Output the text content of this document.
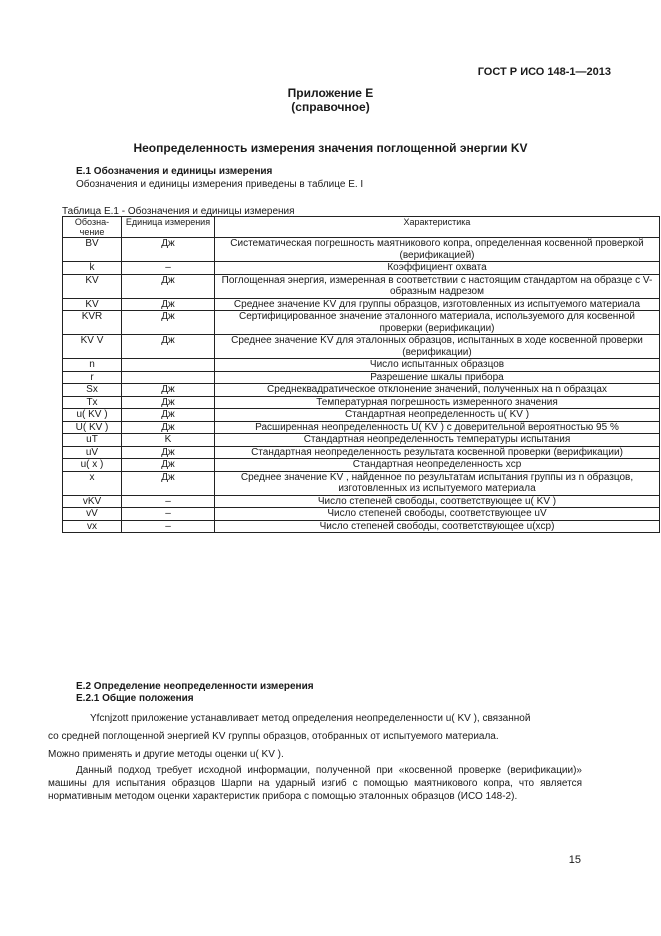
ГОСТ Р ИСО 148-1—2013
Приложение Е
(справочное)
Неопределенность измерения значения поглощенной энергии KV
Е.1 Обозначения и единицы измерения
Обозначения и единицы измерения приведены в таблице Е. I
Таблица Е.1 - Обозначения и единицы измерения
Обозна-чение	Единица измерения	Характеристика
BV	Дж	Систематическая погрешность маятникового копра, определенная косвенной проверкой (верификацией)
k	–	Коэффициент охвата
KV	Дж	Поглощенная энергия, измеренная в соответствии с настоящим стандартом на образце с V-образным надрезом
KV	Дж	Среднее значение KV для группы образцов, изготовленных из испытуемого материала
KVR	Дж	Сертифицированное значение эталонного материала, используемого для косвенной проверки (верификации)
KV V	Дж	Среднее значение KV для эталонных образцов, испытанных в ходе косвенной проверки (верификации)
n		Число испытанных образцов
r		Разрешение шкалы прибора
Sx	Дж	Среднеквадратическое отклонение значений, полученных на n образцах
Tx	Дж	Температурная погрешность измеренного значения
u( KV )	Дж	Стандартная неопределенность u( KV )
U( KV )	Дж	Расширенная неопределенность U( KV ) с доверительной вероятностью 95 %
uT	K	Стандартная неопределенность температуры испытания
uV	Дж	Стандартная неопределенность результата косвенной проверки (верификации)
u( x )	Дж	Стандартная неопределенность xср
x	Дж	Среднее значение KV , найденное по результатам испытания группы из n образцов, изготовленных из испытуемого материала
vKV	–	Число степеней свободы, соответствующее u( KV )
vV	–	Число степеней свободы, соответствующее uV
vx	–	Число степеней свободы, соответствующее u(xср)
Е.2 Определение неопределенности измерения
Е.2.1 Общие положения
Yfcnjzott приложение устанавливает метод определения неопределенности u( KV ), связанной
со средней поглощенной энергией KV группы образцов, отобранных от испытуемого материала.
Можно применять и другие методы оценки u( KV ).
Данный подход требует исходной информации, полученной при «косвенной проверке (верификации)» машины для испытания образцов Шарпи на ударный изгиб с помощью маятникового копра, что является нормативным методом оценки характеристик прибора с помощью эталонных образцов (ИСО 148-2).
15
